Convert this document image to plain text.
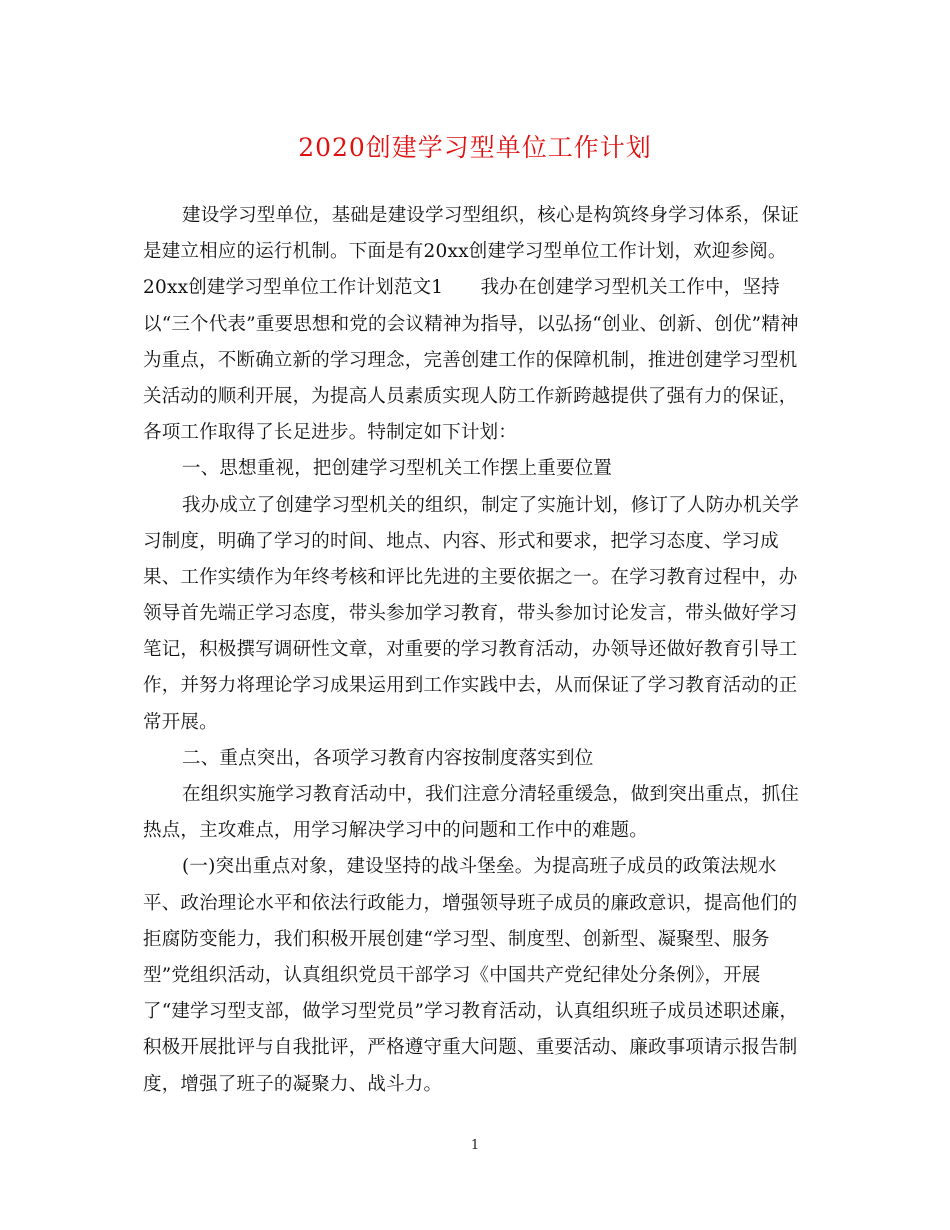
2020创建学习型单位工作计划
建设学习型单位，基础是建设学习型组织，核心是构筑终身学习体系，保证
是建立相应的运行机制。下面是有20xx创建学习型单位工作计划，欢迎参阅。
20xx创建学习型单位工作计划范文1　　我办在创建学习型机关工作中，坚持
以“三个代表”重要思想和党的会议精神为指导，以弘扬“创业、创新、创优”精神
为重点，不断确立新的学习理念，完善创建工作的保障机制，推进创建学习型机
关活动的顺利开展，为提高人员素质实现人防工作新跨越提供了强有力的保证，
各项工作取得了长足进步。特制定如下计划：
一、思想重视，把创建学习型机关工作摆上重要位置
我办成立了创建学习型机关的组织，制定了实施计划，修订了人防办机关学
习制度，明确了学习的时间、地点、内容、形式和要求，把学习态度、学习成
果、工作实绩作为年终考核和评比先进的主要依据之一。在学习教育过程中，办
领导首先端正学习态度，带头参加学习教育，带头参加讨论发言，带头做好学习
笔记，积极撰写调研性文章，对重要的学习教育活动，办领导还做好教育引导工
作，并努力将理论学习成果运用到工作实践中去，从而保证了学习教育活动的正
常开展。
二、重点突出，各项学习教育内容按制度落实到位
在组织实施学习教育活动中，我们注意分清轻重缓急，做到突出重点，抓住
热点，主攻难点，用学习解决学习中的问题和工作中的难题。
(一)突出重点对象，建设坚持的战斗堡垒。为提高班子成员的政策法规水
平、政治理论水平和依法行政能力，增强领导班子成员的廉政意识，提高他们的
拒腐防变能力，我们积极开展创建“学习型、制度型、创新型、凝聚型、服务
型”党组织活动，认真组织党员干部学习《中国共产党纪律处分条例》，开展
了“建学习型支部，做学习型党员”学习教育活动，认真组织班子成员述职述廉，
积极开展批评与自我批评，严格遵守重大问题、重要活动、廉政事项请示报告制
度，增强了班子的凝聚力、战斗力。
1
